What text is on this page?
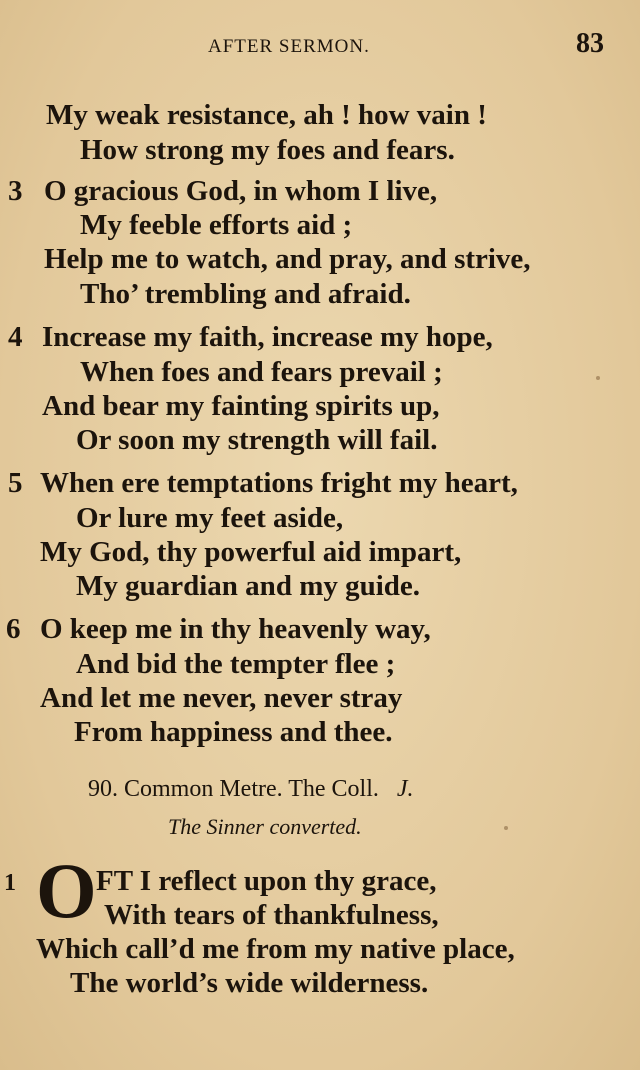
AFTER SERMON.	83
My weak resistance, ah ! how vain !
How strong my foes and fears.
3 O gracious God, in whom I live,
My feeble efforts aid ;
Help me to watch, and pray, and strive,
Tho’ trembling and afraid.
4 Increase my faith, increase my hope,
When foes and fears prevail ;
And bear my fainting spirits up,
Or soon my strength will fail.
5 When ere temptations fright my heart,
Or lure my feet aside,
My God, thy powerful aid impart,
My guardian and my guide.
6 O keep me in thy heavenly way,
And bid the tempter flee ;
And let me never, never stray
From happiness and thee.
90. Common Metre. The Coll. J.
The Sinner converted.
1 O FT I reflect upon thy grace,
With tears of thankfulness,
Which call’d me from my native place,
The world’s wide wilderness.
